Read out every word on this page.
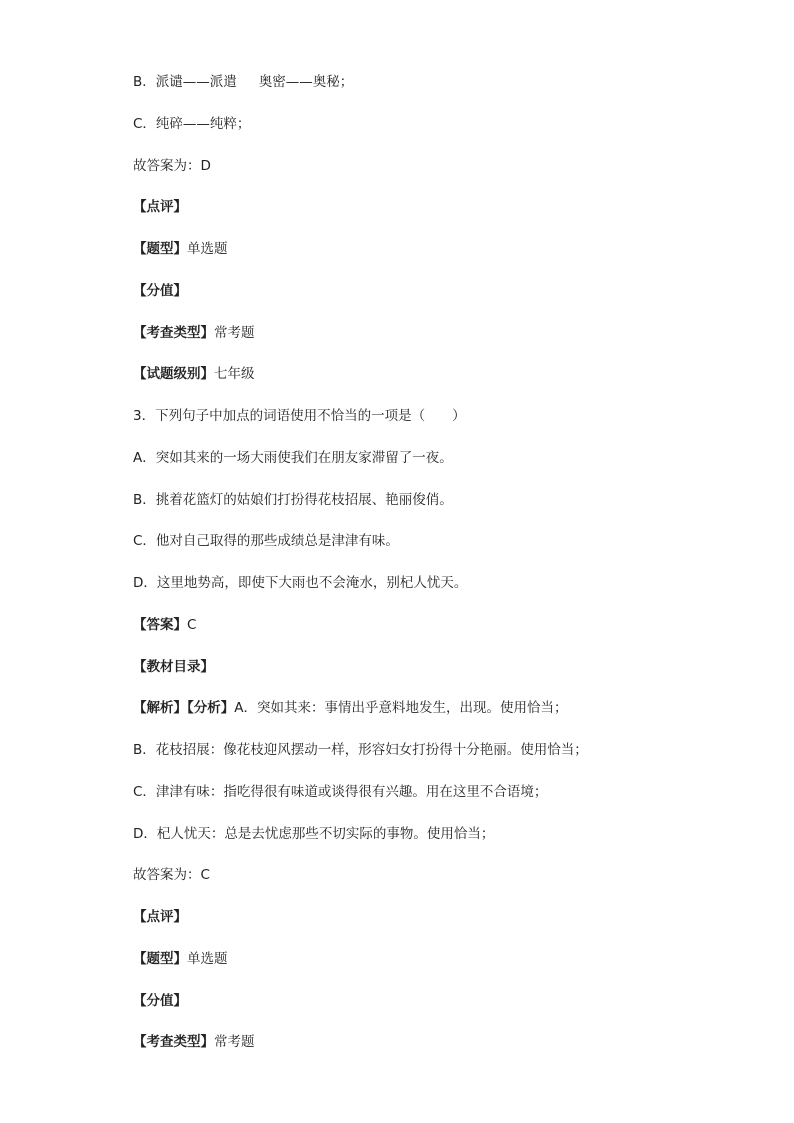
B．派谴——派遣 奥密——奥秘；
C．纯碎——纯粹；
故答案为：D
【点评】
【题型】单选题
【分值】
【考查类型】常考题
【试题级别】七年级
3．下列句子中加点的词语使用不恰当的一项是（　　）
A．突如其来的一场大雨使我们在朋友家滞留了一夜。
B．挑着花篮灯的姑娘们打扮得花枝招展、艳丽俊俏。
C．他对自己取得的那些成绩总是津津有味。
D．这里地势高，即使下大雨也不会淹水，别杞人忧天。
【答案】C
【教材目录】
【解析】【分析】A．突如其来：事情出乎意料地发生，出现。使用恰当；
B．花枝招展：像花枝迎风摆动一样，形容妇女打扮得十分艳丽。使用恰当；
C．津津有味：指吃得很有味道或谈得很有兴趣。用在这里不合语境；
D．杞人忧天：总是去忧虑那些不切实际的事物。使用恰当；
故答案为：C
【点评】
【题型】单选题
【分值】
【考查类型】常考题
